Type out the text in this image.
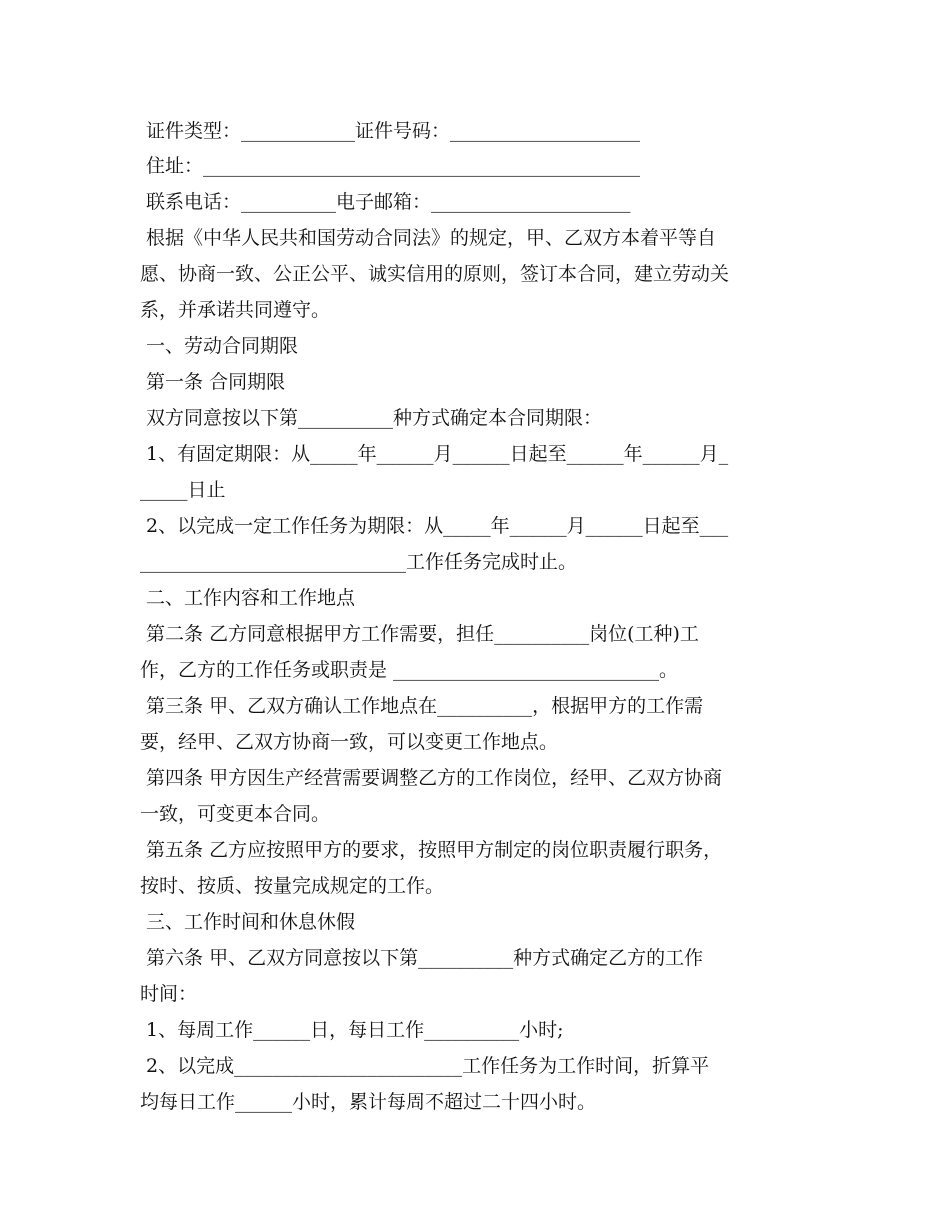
证件类型：____________证件号码：____________________
住址：______________________________________________
联系电话：__________电子邮箱：_____________________
根据《中华人民共和国劳动合同法》的规定，甲、乙双方本着平等自
愿、协商一致、公正公平、诚实信用的原则，签订本合同，建立劳动关
系，并承诺共同遵守。
一、劳动合同期限
第一条 合同期限
双方同意按以下第__________种方式确定本合同期限：
1、有固定期限：从_____年______月______日起至______年______月_
_____日止
2、以完成一定工作任务为期限：从_____年______月______日起至___
____________________________工作任务完成时止。
二、工作内容和工作地点
第二条 乙方同意根据甲方工作需要，担任__________岗位(工种)工
作，乙方的工作任务或职责是 ____________________________。
第三条 甲、乙双方确认工作地点在__________，根据甲方的工作需
要，经甲、乙双方协商一致，可以变更工作地点。
第四条 甲方因生产经营需要调整乙方的工作岗位，经甲、乙双方协商
一致，可变更本合同。
第五条 乙方应按照甲方的要求，按照甲方制定的岗位职责履行职务，
按时、按质、按量完成规定的工作。
三、工作时间和休息休假
第六条 甲、乙双方同意按以下第__________种方式确定乙方的工作
时间：
1、每周工作______日，每日工作__________小时;
2、以完成________________________工作任务为工作时间，折算平
均每日工作______小时，累计每周不超过二十四小时。
